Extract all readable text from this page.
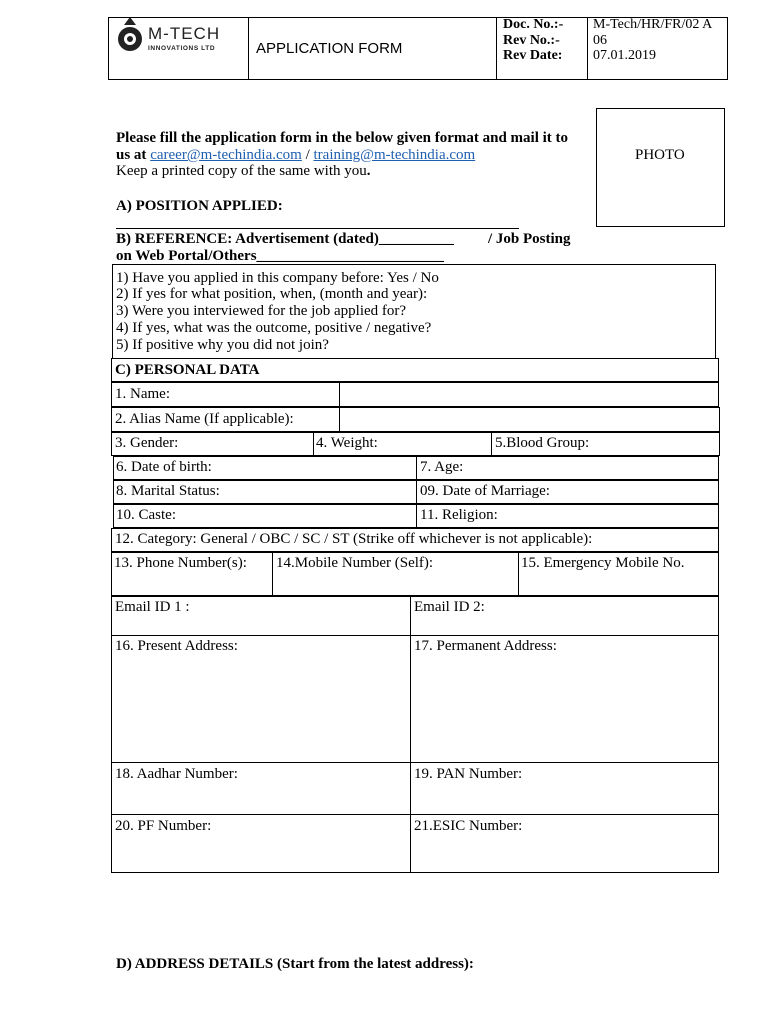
M-TECH
INNOVATIONS LTD	APPLICATION FORM
Doc. No.:-
Rev No.:-
Rev Date:
M-Tech/HR/FR/02 A
06
07.01.2019
Please fill the application form in the below given format and mail it to
us at career@m-techindia.com / training@m-techindia.com
Keep a printed copy of the same with you.
PHOTO
A) POSITION APPLIED:
B) REFERENCE: Advertisement (dated)__________ / Job Posting
on Web Portal/Others_________________________
1) Have you applied in this company before: Yes / No
2) If yes for what position, when, (month and year):
3) Were you interviewed for the job applied for?
4) If yes, what was the outcome, positive / negative?
5) If positive why you did not join?
C) PERSONAL DATA
1. Name:
2. Alias Name (If applicable):
3. Gender:	4. Weight:	5.Blood Group:
6. Date of birth:	7. Age:
8. Marital Status:	09. Date of Marriage:
10. Caste:	11. Religion:
12. Category: General / OBC / SC / ST (Strike off whichever is not applicable):
13. Phone Number(s): 14.Mobile Number (Self):	15. Emergency Mobile No.
Email ID 1 :	Email ID 2:
16. Present Address:	17. Permanent Address:
18. Aadhar Number:	19. PAN Number:
20. PF Number:	21.ESIC Number:
D) ADDRESS DETAILS (Start from the latest address):
